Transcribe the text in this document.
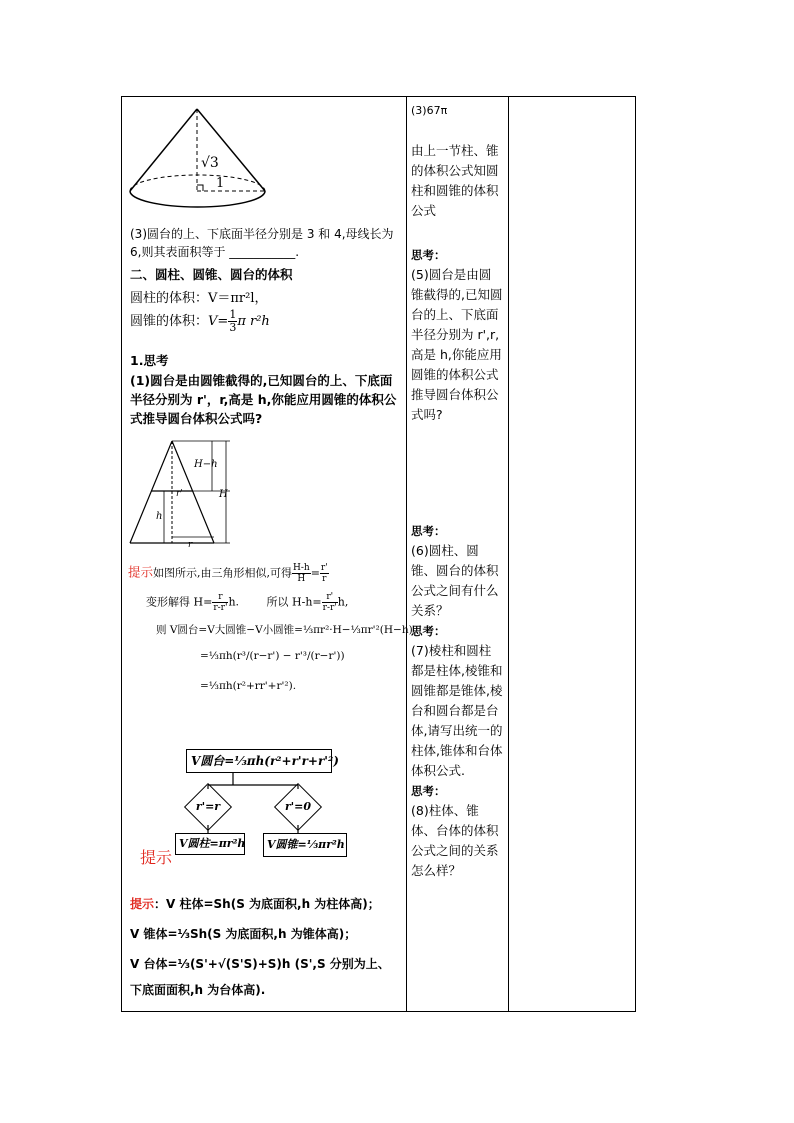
√3
1
(3)圆台的上、下底面半径分别是 3 和 4,母线长为 6,则其表面积等于 ___________.
二、圆柱、圆锥、圆台的体积
圆柱的体积：V＝πr²l，
圆锥的体积：$V= \frac{1}{3}$ π r²h
1.思考
(1)圆台是由圆锥截得的,已知圆台的上、下底面半径分别为 r'，r,高是 h,你能应用圆锥的体积公式推导圆台体积公式吗?
H−h
H
r'
h
r
提示如图所示,由三角形相似,可得 $\frac{H-h}{H} = \frac{r'}{r}$
变形解得 $H= \frac{r}{r-r'} h$.	所以 $H-h= \frac{r'}{r-r'} h$,
则 V圆台=V大圆锥−V小圆锥=⅓πr²·H−⅓πr'²(H−h)
=⅓πh(r³/(r−r') − r'³/(r−r'))
=⅓πh(r²+rr'+r'²).
V圆台=⅓πh(r²+r'r+r'²)
r'=r	r'=0
V圆柱=πr²h	V圆锥=⅓πr²h
提示
提示：V 柱体=Sh(S 为底面积,h 为柱体高)；
V 锥体=⅓Sh(S 为底面积,h 为锥体高)；
V 台体=⅓(S'+√(S'S)+S)h (S',S 分别为上、
下底面面积,h 为台体高).
(3)67π
由上一节柱、锥的体积公式知圆柱和圆锥的体积公式
思考：
(5)圆台是由圆锥截得的,已知圆台的上、下底面半径分别为 r',r,高是 h,你能应用圆锥的体积公式推导圆台体积公式吗?
思考：
(6)圆柱、圆锥、圆台的体积公式之间有什么关系？
思考：
(7)棱柱和圆柱都是柱体,棱锥和圆锥都是锥体,棱台和圆台都是台体,请写出统一的柱体,锥体和台体体积公式.
思考：
(8)柱体、锥体、台体的体积公式之间的关系怎么样？
